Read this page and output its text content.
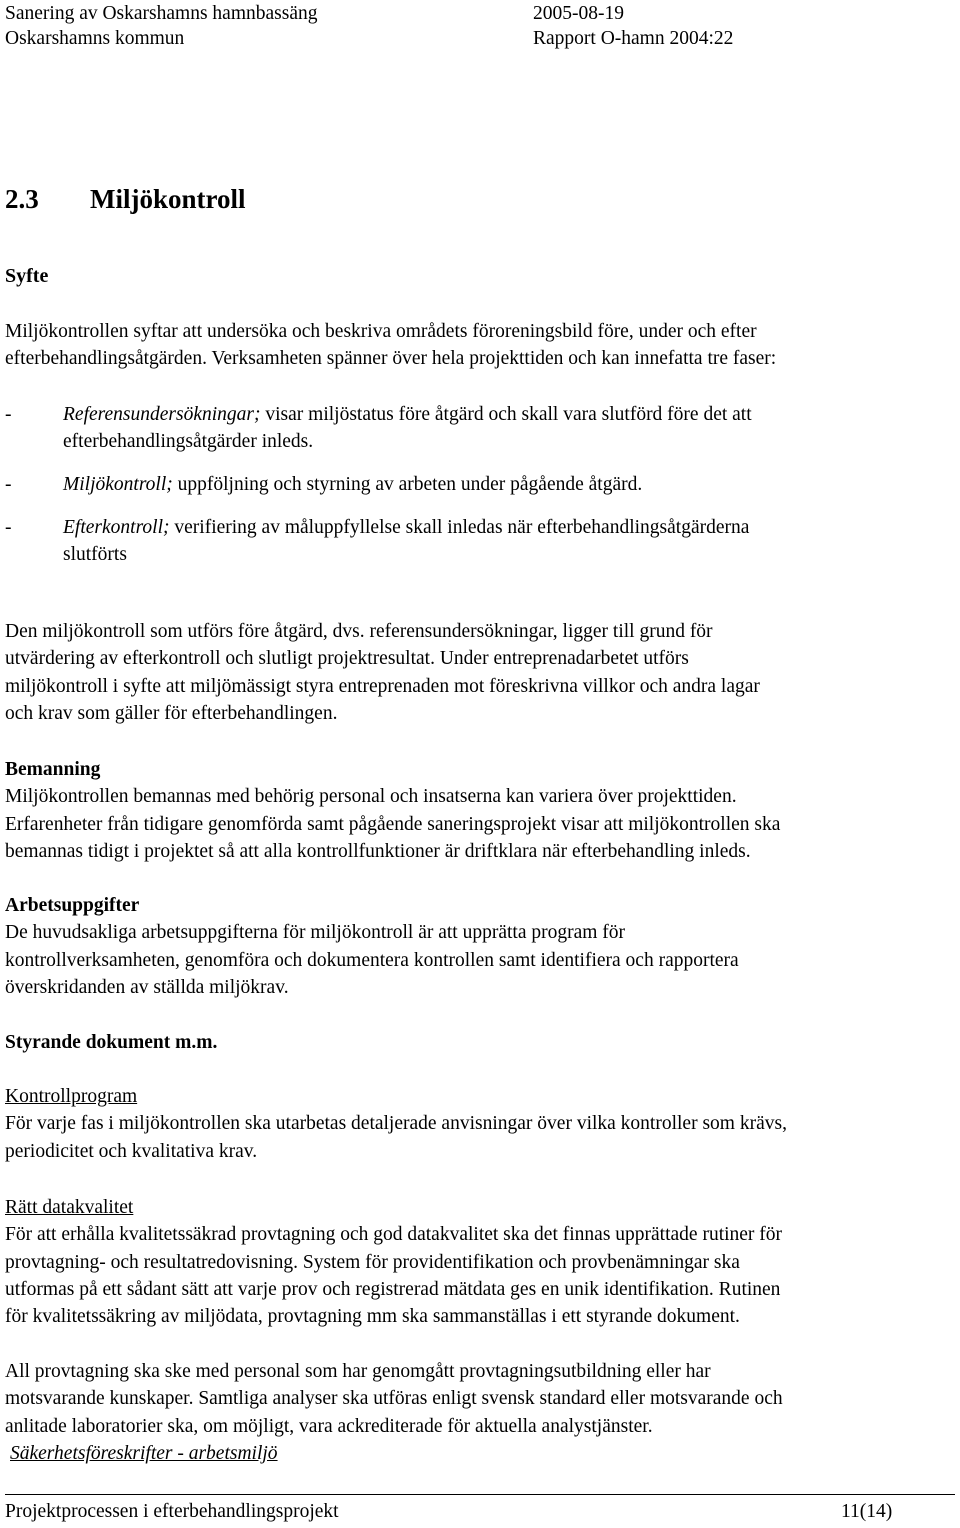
Sanering av Oskarshamns hamnbassäng	2005-08-19
Oskarshamns kommun	Rapport O-hamn 2004:22
2.3 Miljökontroll
Syfte
Miljökontrollen syftar att undersöka och beskriva områdets föroreningsbild före, under och efter
efterbehandlingsåtgärden. Verksamheten spänner över hela projekttiden och kan innefatta tre faser:
-	Referensundersökningar; visar miljöstatus före åtgärd och skall vara slutförd före det att
efterbehandlingsåtgärder inleds.
-	Miljökontroll; uppföljning och styrning av arbeten under pågående åtgärd.
-	Efterkontroll; verifiering av måluppfyllelse skall inledas när efterbehandlingsåtgärderna
slutförts
Den miljökontroll som utförs före åtgärd, dvs. referensundersökningar, ligger till grund för
utvärdering av efterkontroll och slutligt projektresultat. Under entreprenadarbetet utförs
miljökontroll i syfte att miljömässigt styra entreprenaden mot föreskrivna villkor och andra lagar
och krav som gäller för efterbehandlingen.
Bemanning
Miljökontrollen bemannas med behörig personal och insatserna kan variera över projekttiden.
Erfarenheter från tidigare genomförda samt pågående saneringsprojekt visar att miljökontrollen ska
bemannas tidigt i projektet så att alla kontrollfunktioner är driftklara när efterbehandling inleds.
Arbetsuppgifter
De huvudsakliga arbetsuppgifterna för miljökontroll är att upprätta program för
kontrollverksamheten, genomföra och dokumentera kontrollen samt identifiera och rapportera
överskridanden av ställda miljökrav.
Styrande dokument m.m.
Kontrollprogram
För varje fas i miljökontrollen ska utarbetas detaljerade anvisningar över vilka kontroller som krävs,
periodicitet och kvalitativa krav.
Rätt datakvalitet
För att erhålla kvalitetssäkrad provtagning och god datakvalitet ska det finnas upprättade rutiner för
provtagning- och resultatredovisning. System för providentifikation och provbenämningar ska
utformas på ett sådant sätt att varje prov och registrerad mätdata ges en unik identifikation. Rutinen
för kvalitetssäkring av miljödata, provtagning mm ska sammanställas i ett styrande dokument.
All provtagning ska ske med personal som har genomgått provtagningsutbildning eller har
motsvarande kunskaper. Samtliga analyser ska utföras enligt svensk standard eller motsvarande och
anlitade laboratorier ska, om möjligt, vara ackrediterade för aktuella analystjänster.
Säkerhetsföreskrifter - arbetsmiljö
Projektprocessen i efterbehandlingsprojekt	11(14)
